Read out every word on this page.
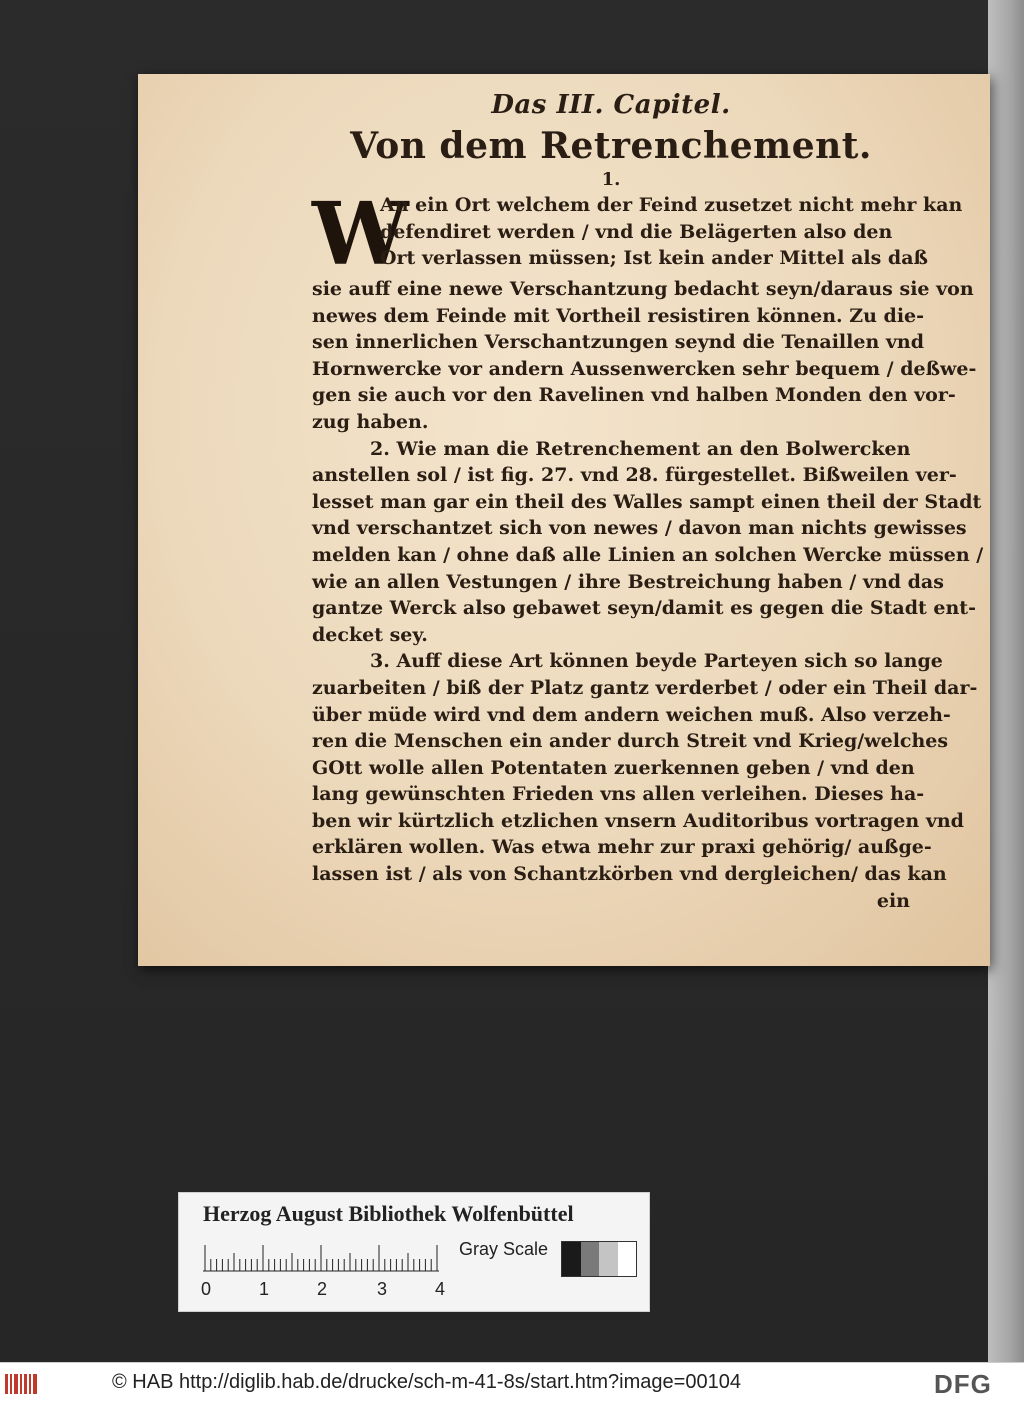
Das III. Capitel.
Von dem Retrenchement.
1.
W
An ein Ort welchem der Feind zusetzet nicht mehr kan
defendiret werden / vnd die Belägerten also den
Ort verlassen müssen; Ist kein ander Mittel als daß
sie auff eine newe Verschantzung bedacht seyn/daraus sie von
newes dem Feinde mit Vortheil resistiren können. Zu die-
sen innerlichen Verschantzungen seynd die Tenaillen vnd
Hornwercke vor andern Aussenwercken sehr bequem / deßwe-
gen sie auch vor den Ravelinen vnd halben Monden den vor-
zug haben.
2. Wie man die Retrenchement an den Bolwercken
anstellen sol / ist fig. 27. vnd 28. fürgestellet. Bißweilen ver-
lesset man gar ein theil des Walles sampt einen theil der Stadt
vnd verschantzet sich von newes / davon man nichts gewisses
melden kan / ohne daß alle Linien an solchen Wercke müssen /
wie an allen Vestungen / ihre Bestreichung haben / vnd das
gantze Werck also gebawet seyn/damit es gegen die Stadt ent-
decket sey.
3. Auff diese Art können beyde Parteyen sich so lange
zuarbeiten / biß der Platz gantz verderbet / oder ein Theil dar-
über müde wird vnd dem andern weichen muß. Also verzeh-
ren die Menschen ein ander durch Streit vnd Krieg/welches
GOtt wolle allen Potentaten zuerkennen geben / vnd den
lang gewünschten Frieden vns allen verleihen. Dieses ha-
ben wir kürtzlich etzlichen vnsern Auditoribus vortragen vnd
erklären wollen. Was etwa mehr zur praxi gehörig/ außge-
lassen ist / als von Schantzkörben vnd dergleichen/ das kan
ein
Herzog August Bibliothek Wolfenbüttel
Gray Scale
0	1	2	3	4
© HAB http://diglib.hab.de/drucke/sch-m-41-8s/start.htm?image=00104	DFG
